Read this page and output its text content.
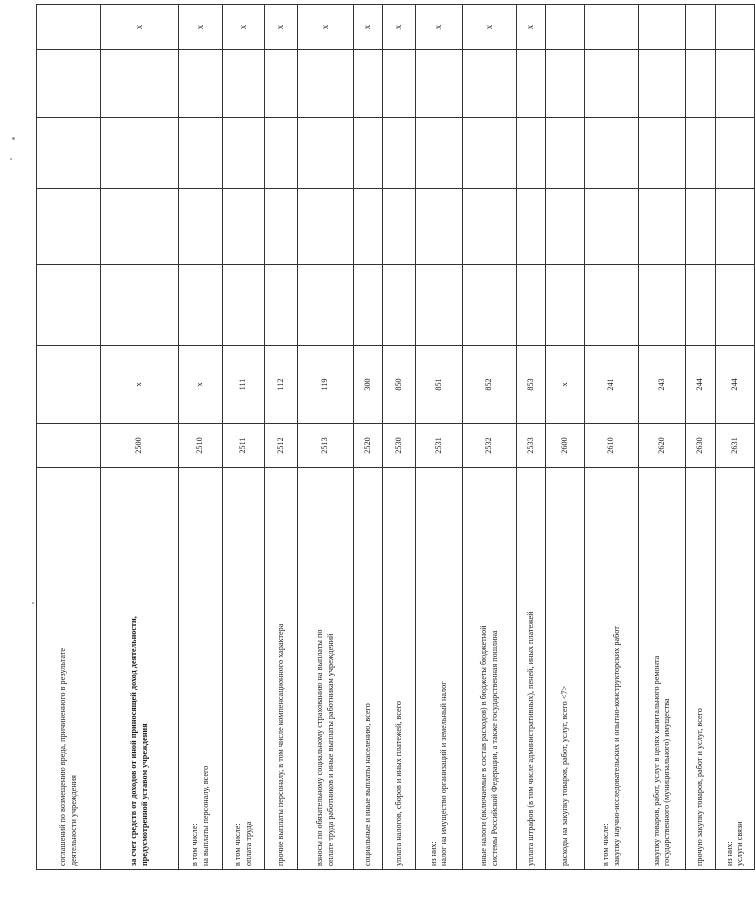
соглашений по возмещению вреда, причиненного в результате деятельности учреждения							

за счет средств от доходов от иной приносящей доход деятельности, предусмотренной уставом учреждения	2500	x					x

в том числе: на выплаты персоналу, всего	2510	x					x

в том числе: оплата труда	2511	111					x

прочие выплаты персоналу, в том числе компенсационного характера	2512	112					x

взносы по обязательному социальному страхованию на выплаты по оплате труда работников и иные выплаты работникам учреждений	2513	119					x

социальные и иные выплаты населению, всего	2520	300					x

уплата налогов, сборов и иных платежей, всего	2530	850					x

из них: налог на имущество организаций и земельный налог	2531	851					x

иные налоги (включаемые в состав расходов) в бюджеты бюджетной системы Российской Федерации, а также государственная пошлина	2532	852					x

уплата штрафов (в том числе административных), пеней, иных платежей	2533	853					x

расходы на закупку товаров, работ, услуг, всего <7>	2600	x					

в том числе: закупку научно-исследовательских и опытно-конструкторских работ	2610	241					

закупку товаров, работ, услуг в целях капитального ремонта государственного (муниципального) имущества	2620	243					

прочую закупку товаров, работ и услуг, всего	2630	244					

из них: услуги связи	2631	244					
